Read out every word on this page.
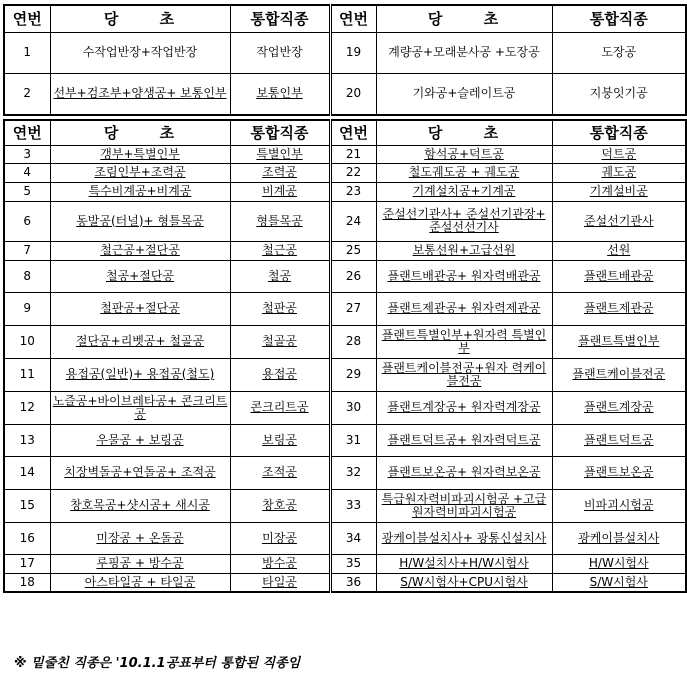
연번	당 초	통합직종	연번	당 초	통합직종
1	수작업반장+작업반장	작업반장	19	계량공+모래분사공 +도장공	도장공
2	선부+검조부+양생공+ 보통인부	보통인부	20	기와공+슬레이트공	지붕잇기공
연번	당 초	통합직종	연번	당 초	통합직종
3	갱부+특별인부	특별인부	21	함석공+덕트공	덕트공
4	조림인부+조력공	조력공	22	철도궤도공 + 궤도공	궤도공
5	특수비계공+비계공	비계공	23	기계설치공+기계공	기계설비공
6	동발공(터널)+ 형틀목공	형틀목공	24	준설선기관사+ 준설선기관장+ 준설선선기사	준설선기관사
7	철근공+절단공	철근공	25	보통선원+고급선원	선원
8	철공+절단공	철공	26	플랜트배관공+ 원자력배관공	플랜트배관공
9	철판공+절단공	철판공	27	플랜트제관공+ 원자력제관공	플랜트제관공
10	절단공+리벳공+ 철골공	철골공	28	플랜트특별인부+원자력 특별인부	플랜트특별인부
11	용접공(일반)+ 용접공(철도)	용접공	29	플랜트케이블전공+원자 력케이블전공	플랜트케이블전공
12	노즐공+바이브레타공+ 콘크리트공	콘크리트공	30	플랜트계장공+ 원자력계장공	플랜트계장공
13	우물공 + 보링공	보링공	31	플랜트덕트공+ 원자력덕트공	플랜트덕트공
14	치장벽돌공+연돌공+ 조적공	조적공	32	플랜트보온공+ 원자력보온공	플랜트보온공
15	창호목공+샷시공+ 새시공	창호공	33	특급원자력비파괴시험공 +고급원자력비파괴시험공	비파괴시험공
16	미장공 + 온돌공	미장공	34	광케이블설치사+ 광통신설치사	광케이블설치사
17	루핑공 + 방수공	방수공	35	H/W설치사+H/W시험사	H/W시험사
18	아스타일공 + 타일공	타일공	36	S/W시험사+CPU시험사	S/W시험사
※ 밑줄친 직종은 '10.1.1공표부터 통합된 직종임
